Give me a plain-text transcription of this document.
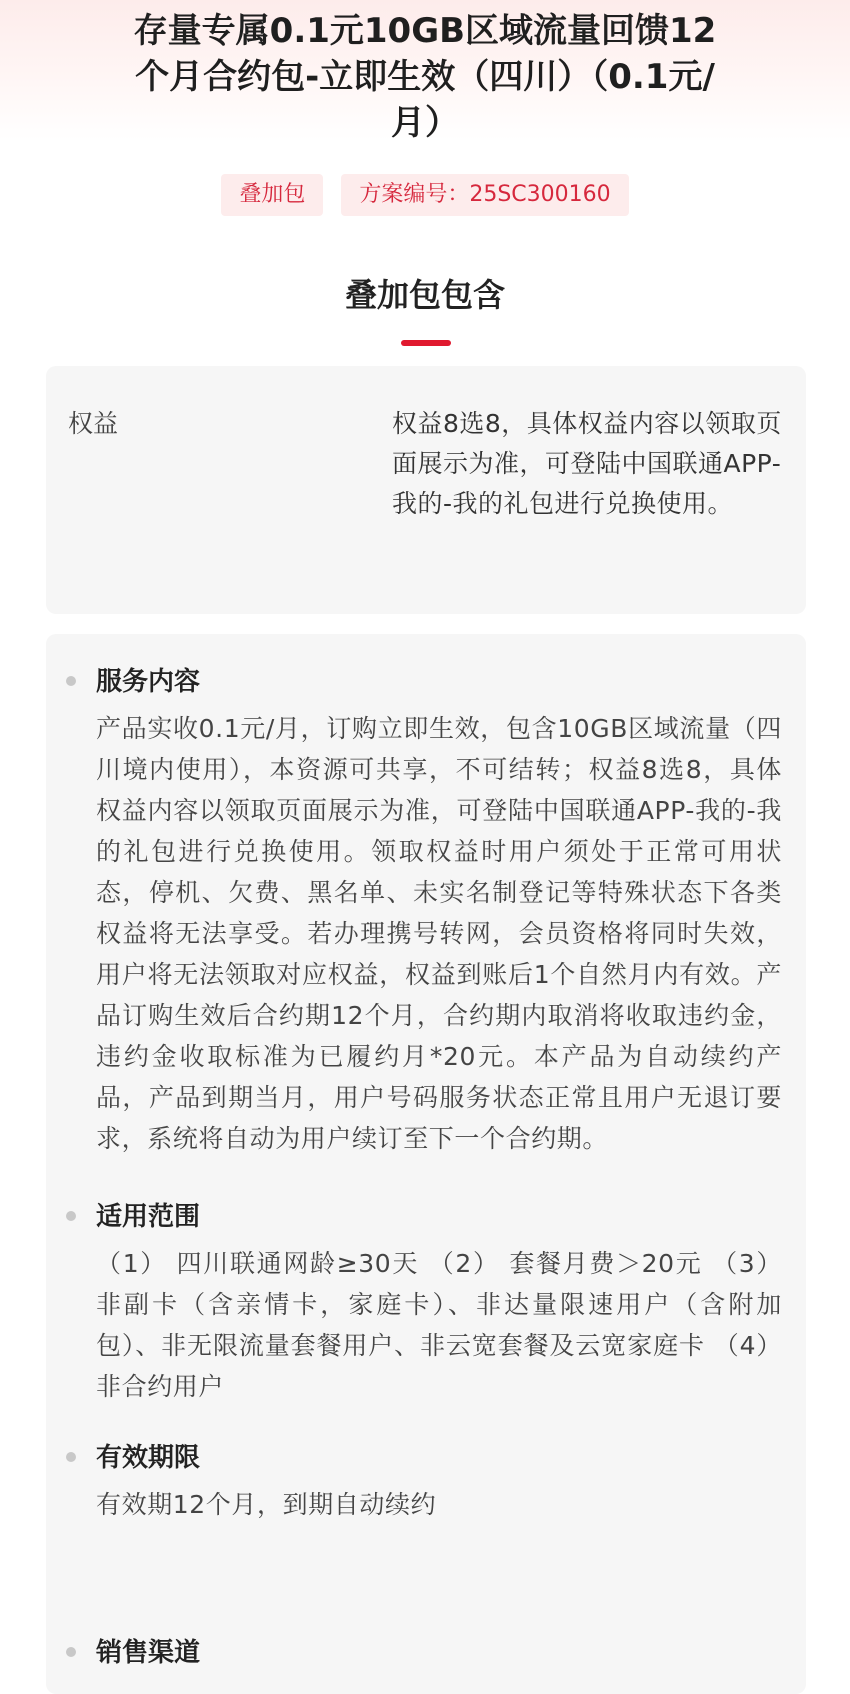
存量专属0.1元10GB区域流量回馈12个月合约包-立即生效（四川）（0.1元/月）
叠加包	方案编号：25SC300160
叠加包包含
权益	权益8选8，具体权益内容以领取页面展示为准，可登陆中国联通APP-我的-我的礼包进行兑换使用。
服务内容
产品实收0.1元/月，订购立即生效，包含10GB区域流量（四川境内使用），本资源可共享，不可结转；权益8选8，具体权益内容以领取页面展示为准，可登陆中国联通APP-我的-我的礼包进行兑换使用。领取权益时用户须处于正常可用状态，停机、欠费、黑名单、未实名制登记等特殊状态下各类权益将无法享受。若办理携号转网，会员资格将同时失效，用户将无法领取对应权益，权益到账后1个自然月内有效。产品订购生效后合约期12个月，合约期内取消将收取违约金，违约金收取标准为已履约月*20元。本产品为自动续约产品，产品到期当月，用户号码服务状态正常且用户无退订要求，系统将自动为用户续订至下一个合约期。
适用范围
（1） 四川联通网龄≥30天 （2） 套餐月费＞20元 （3） 非副卡（含亲情卡，家庭卡）、非达量限速用户（含附加包）、非无限流量套餐用户、非云宽套餐及云宽家庭卡 （4）非合约用户
有效期限
有效期12个月，到期自动续约
销售渠道
